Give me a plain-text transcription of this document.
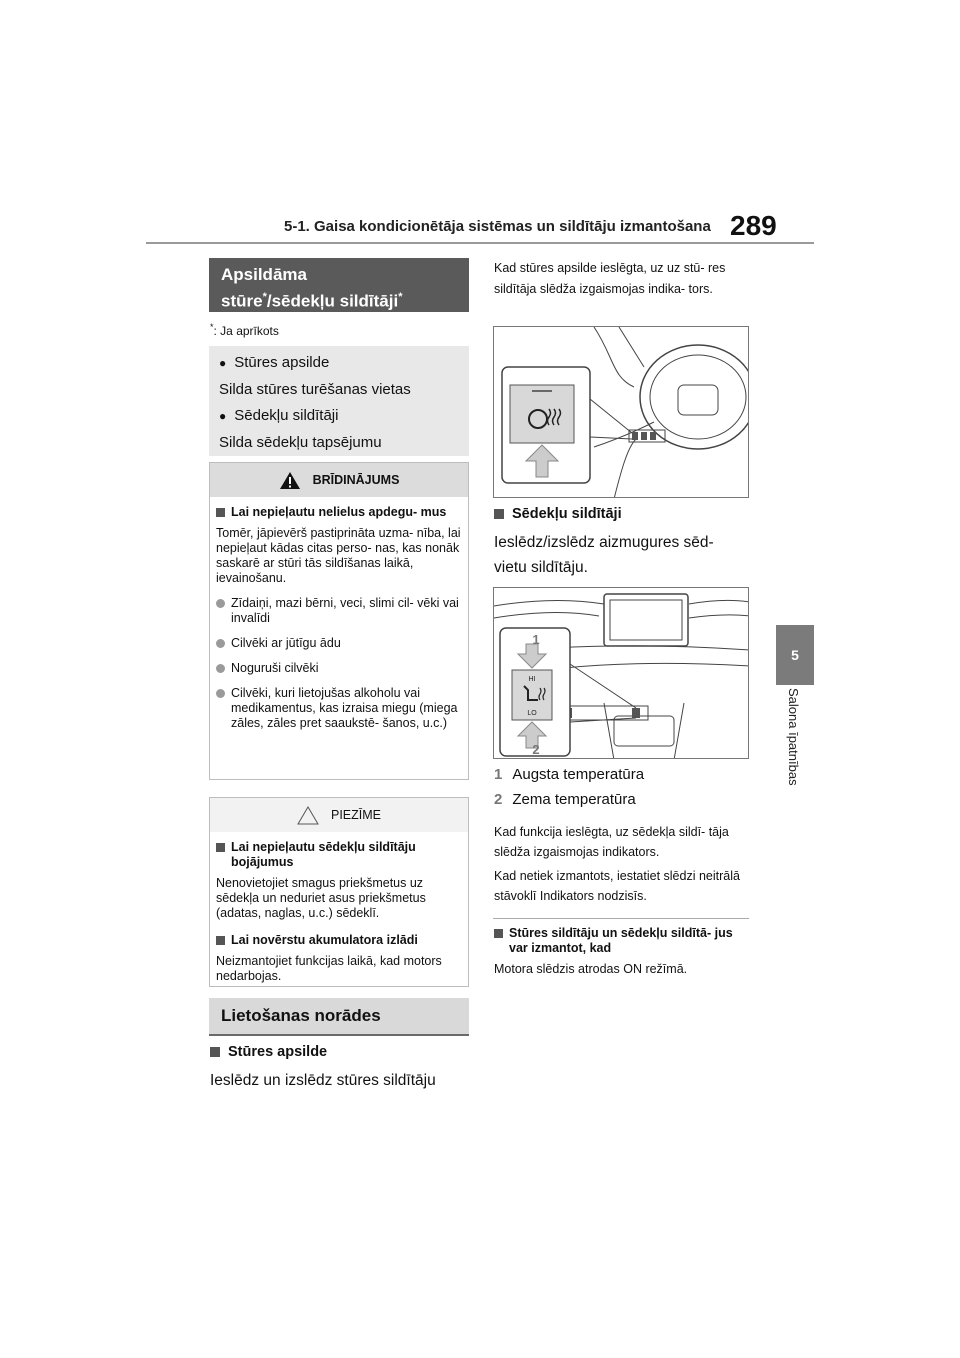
5-1. Gaisa kondicionētāja sistēmas un sildītāju izmantošana 289
5
Salona īpatnības
Apsildāma
stūre*/sēdekļu sildītāji*
*: Ja aprīkots
● Stūres apsilde
Silda stūres turēšanas vietas
● Sēdekļu sildītāji
Silda sēdekļu tapsējumu
BRĪDINĀJUMS
Lai nepieļautu nelielus apdegu- mus
Tomēr, jāpievērš pastiprināta uzma- nība, lai nepieļaut kādas citas perso- nas, kas nonāk saskarē ar stūri tās sildīšanas laikā, ievainošanu.
Zīdaiņi, mazi bērni, veci, slimi cil- vēki vai invalīdi
Cilvēki ar jūtīgu ādu
Noguruši cilvēki
Cilvēki, kuri lietojušas alkoholu vai medikamentus, kas izraisa miegu (miega zāles, zāles pret saaukstē- šanos, u.c.)
PIEZĪME
Lai nepieļautu sēdekļu sildītāju bojājumus
Nenovietojiet smagus priekšmetus uz sēdekļa un neduriet asus priekšmetus (adatas, naglas, u.c.) sēdeklī.
Lai novērstu akumulatora izlādi
Neizmantojiet funkcijas laikā, kad motors nedarbojas.
Lietošanas norādes
Stūres apsilde
Ieslēdz un izslēdz stūres sildītāju
Kad stūres apsilde ieslēgta, uz uz stū- res sildītāja slēdža izgaismojas indika- tors.
Sēdekļu sildītāji
Ieslēdz/izslēdz aizmugures sēd- vietu sildītāju.
HI
LO
1
2
1 Augsta temperatūra
2 Zema temperatūra
Kad funkcija ieslēgta, uz sēdekļa sildī- tāja slēdža izgaismojas indikators.
Kad netiek izmantots, iestatiet slēdzi neitrālā stāvoklī Indikators nodzisīs.
Stūres sildītāju un sēdekļu sildītā- jus var izmantot, kad
Motora slēdzis atrodas ON režīmā.
